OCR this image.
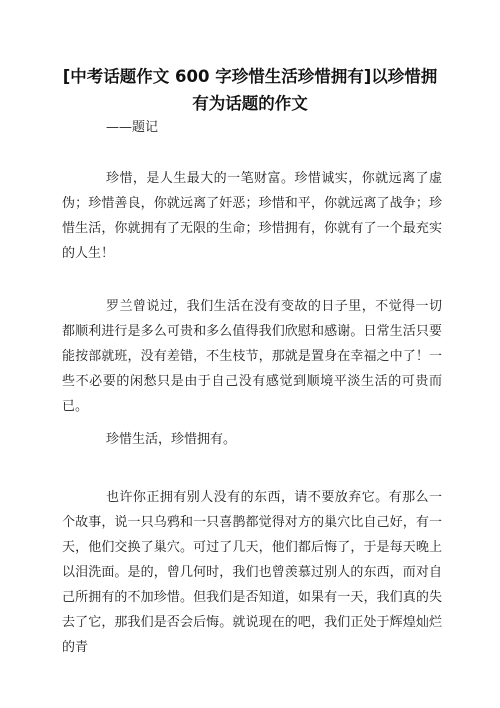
[中考话题作文 600 字珍惜生活珍惜拥有]以珍惜拥有为话题的作文

——题记

珍惜，是人生最大的一笔财富。珍惜诚实，你就远离了虚伪；珍惜善良，你就远离了奸恶；珍惜和平，你就远离了战争；珍惜生活，你就拥有了无限的生命；珍惜拥有，你就有了一个最充实的人生！

罗兰曾说过，我们生活在没有变故的日子里，不觉得一切都顺利进行是多么可贵和多么值得我们欣慰和感谢。日常生活只要能按部就班，没有差错，不生枝节，那就是置身在幸福之中了！一些不必要的闲愁只是由于自己没有感觉到顺境平淡生活的可贵而已。

珍惜生活，珍惜拥有。

也许你正拥有别人没有的东西，请不要放弃它。有那么一个故事，说一只乌鸦和一只喜鹊都觉得对方的巢穴比自己好，有一天，他们交换了巢穴。可过了几天，他们都后悔了，于是每天晚上以泪洗面。是的，曾几何时，我们也曾羡慕过别人的东西，而对自己所拥有的不加珍惜。但我们是否知道，如果有一天，我们真的失去了它，那我们是否会后悔。就说现在的吧，我们正处于辉煌灿烂的青
